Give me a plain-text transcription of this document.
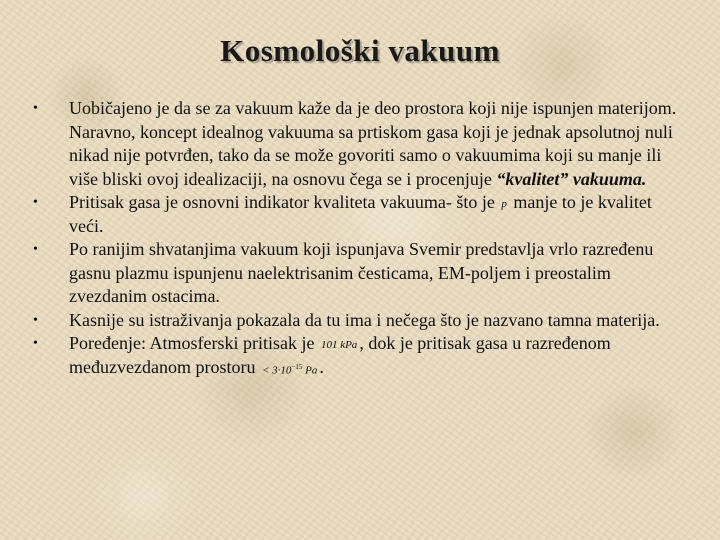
Kosmološki vakuum
•	Uobičajeno je da se za vakuum kaže da je deo prostora koji nije ispunjen materijom. Naravno, koncept idealnog vakuuma sa prtiskom gasa koji je jednak apsolutnoj nuli nikad nije potvrđen, tako da se može govoriti samo o vakuumima koji su manje ili više bliski ovoj idealizaciji, na osnovu čega se i procenjuje “kvalitet” vakuuma.
•	Pritisak gasa je osnovni indikator kvaliteta vakuuma- što je p manje to je kvalitet veći.
•	Po ranijim shvatanjima vakuum koji ispunjava Svemir predstavlja vrlo razređenu gasnu plazmu ispunjenu naelektrisanim česticama, EM-poljem i preostalim zvezdanim ostacima.
•	Kasnije su istraživanja pokazala da tu ima i nečega što je nazvano tamna materija.
•	Poređenje: Atmosferski pritisak je 101 kPa , dok je pritisak gasa u razređenom međuzvezdanom prostoru < $3\cdot 10^{-15}$ Pa .
